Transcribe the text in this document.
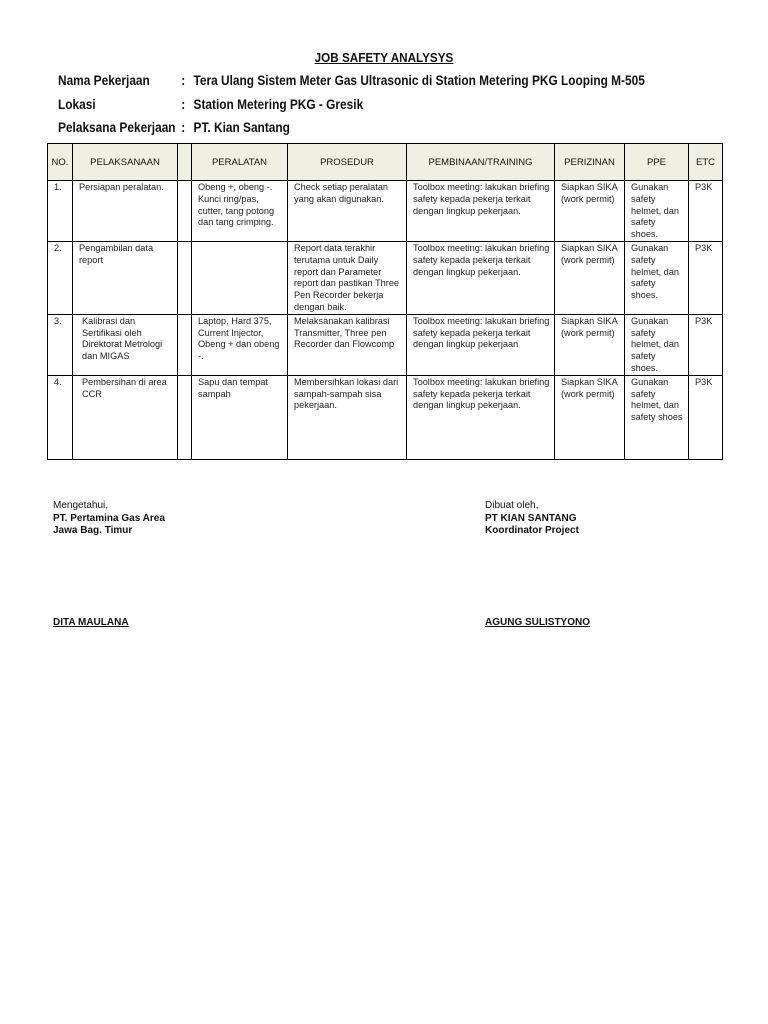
JOB SAFETY ANALYSYS
Nama Pekerjaan : Tera Ulang Sistem Meter Gas Ultrasonic di Station Metering PKG Looping M-505
Lokasi	: Station Metering PKG - Gresik
Pelaksana Pekerjaan : PT. Kian Santang
NO.	PELAKSANAAN		PERALATAN	PROSEDUR	PEMBINAAN/TRAINING	PERIZINAN	PPE	ETC
1.	Persiapan peralatan.		Obeng +, obeng -. Kunci ring/pas, cutter, tang potong dan tang crimping.	Check setiap peralatan yang akan digunakan.	Toolbox meeting: lakukan briefing safety kepada pekerja terkait dengan lingkup pekerjaan.	Siapkan SIKA (work permit)	Gunakan safety helmet, dan safety shoes.	P3K
2.	Pengambilan data report			Report data terakhir terutama untuk Daily report dan Parameter report dan pastikan Three Pen Recorder bekerja dengan baik.	Toolbox meeting: lakukan briefing safety kepada pekerja terkait dengan lingkup pekerjaan.	Siapkan SIKA (work permit)	Gunakan safety helmet, dan safety shoes.	P3K
3.	Kalibrasi dan Sertifikasi oleh Direktorat Metrologi dan MIGAS		Laptop, Hard 375, Current Injector, Obeng + dan obeng -.	Melaksanakan kalibrasi Transmitter, Three pen Recorder dan Flowcomp	Toolbox meeting: lakukan briefing safety kepada pekerja terkait dengan lingkup pekerjaan	Siapkan SIKA (work permit)	Gunakan safety helmet, dan safety shoes.	P3K
4.	Pembersihan di area CCR		Sapu dan tempat sampah	Membersihkan lokasi dari sampah-sampah sisa pekerjaan.	Toolbox meeting: lakukan briefing safety kepada pekerja terkait dengan lingkup pekerjaan.	Siapkan SIKA (work permit)	Gunakan safety helmet, dan safety shoes	P3K
Mengetahui,
PT. Pertamina Gas Area
Jawa Bag. Timur
Dibuat oleh,
PT KIAN SANTANG
Koordinator Project
DITA MAULANA	AGUNG SULISTYONO
